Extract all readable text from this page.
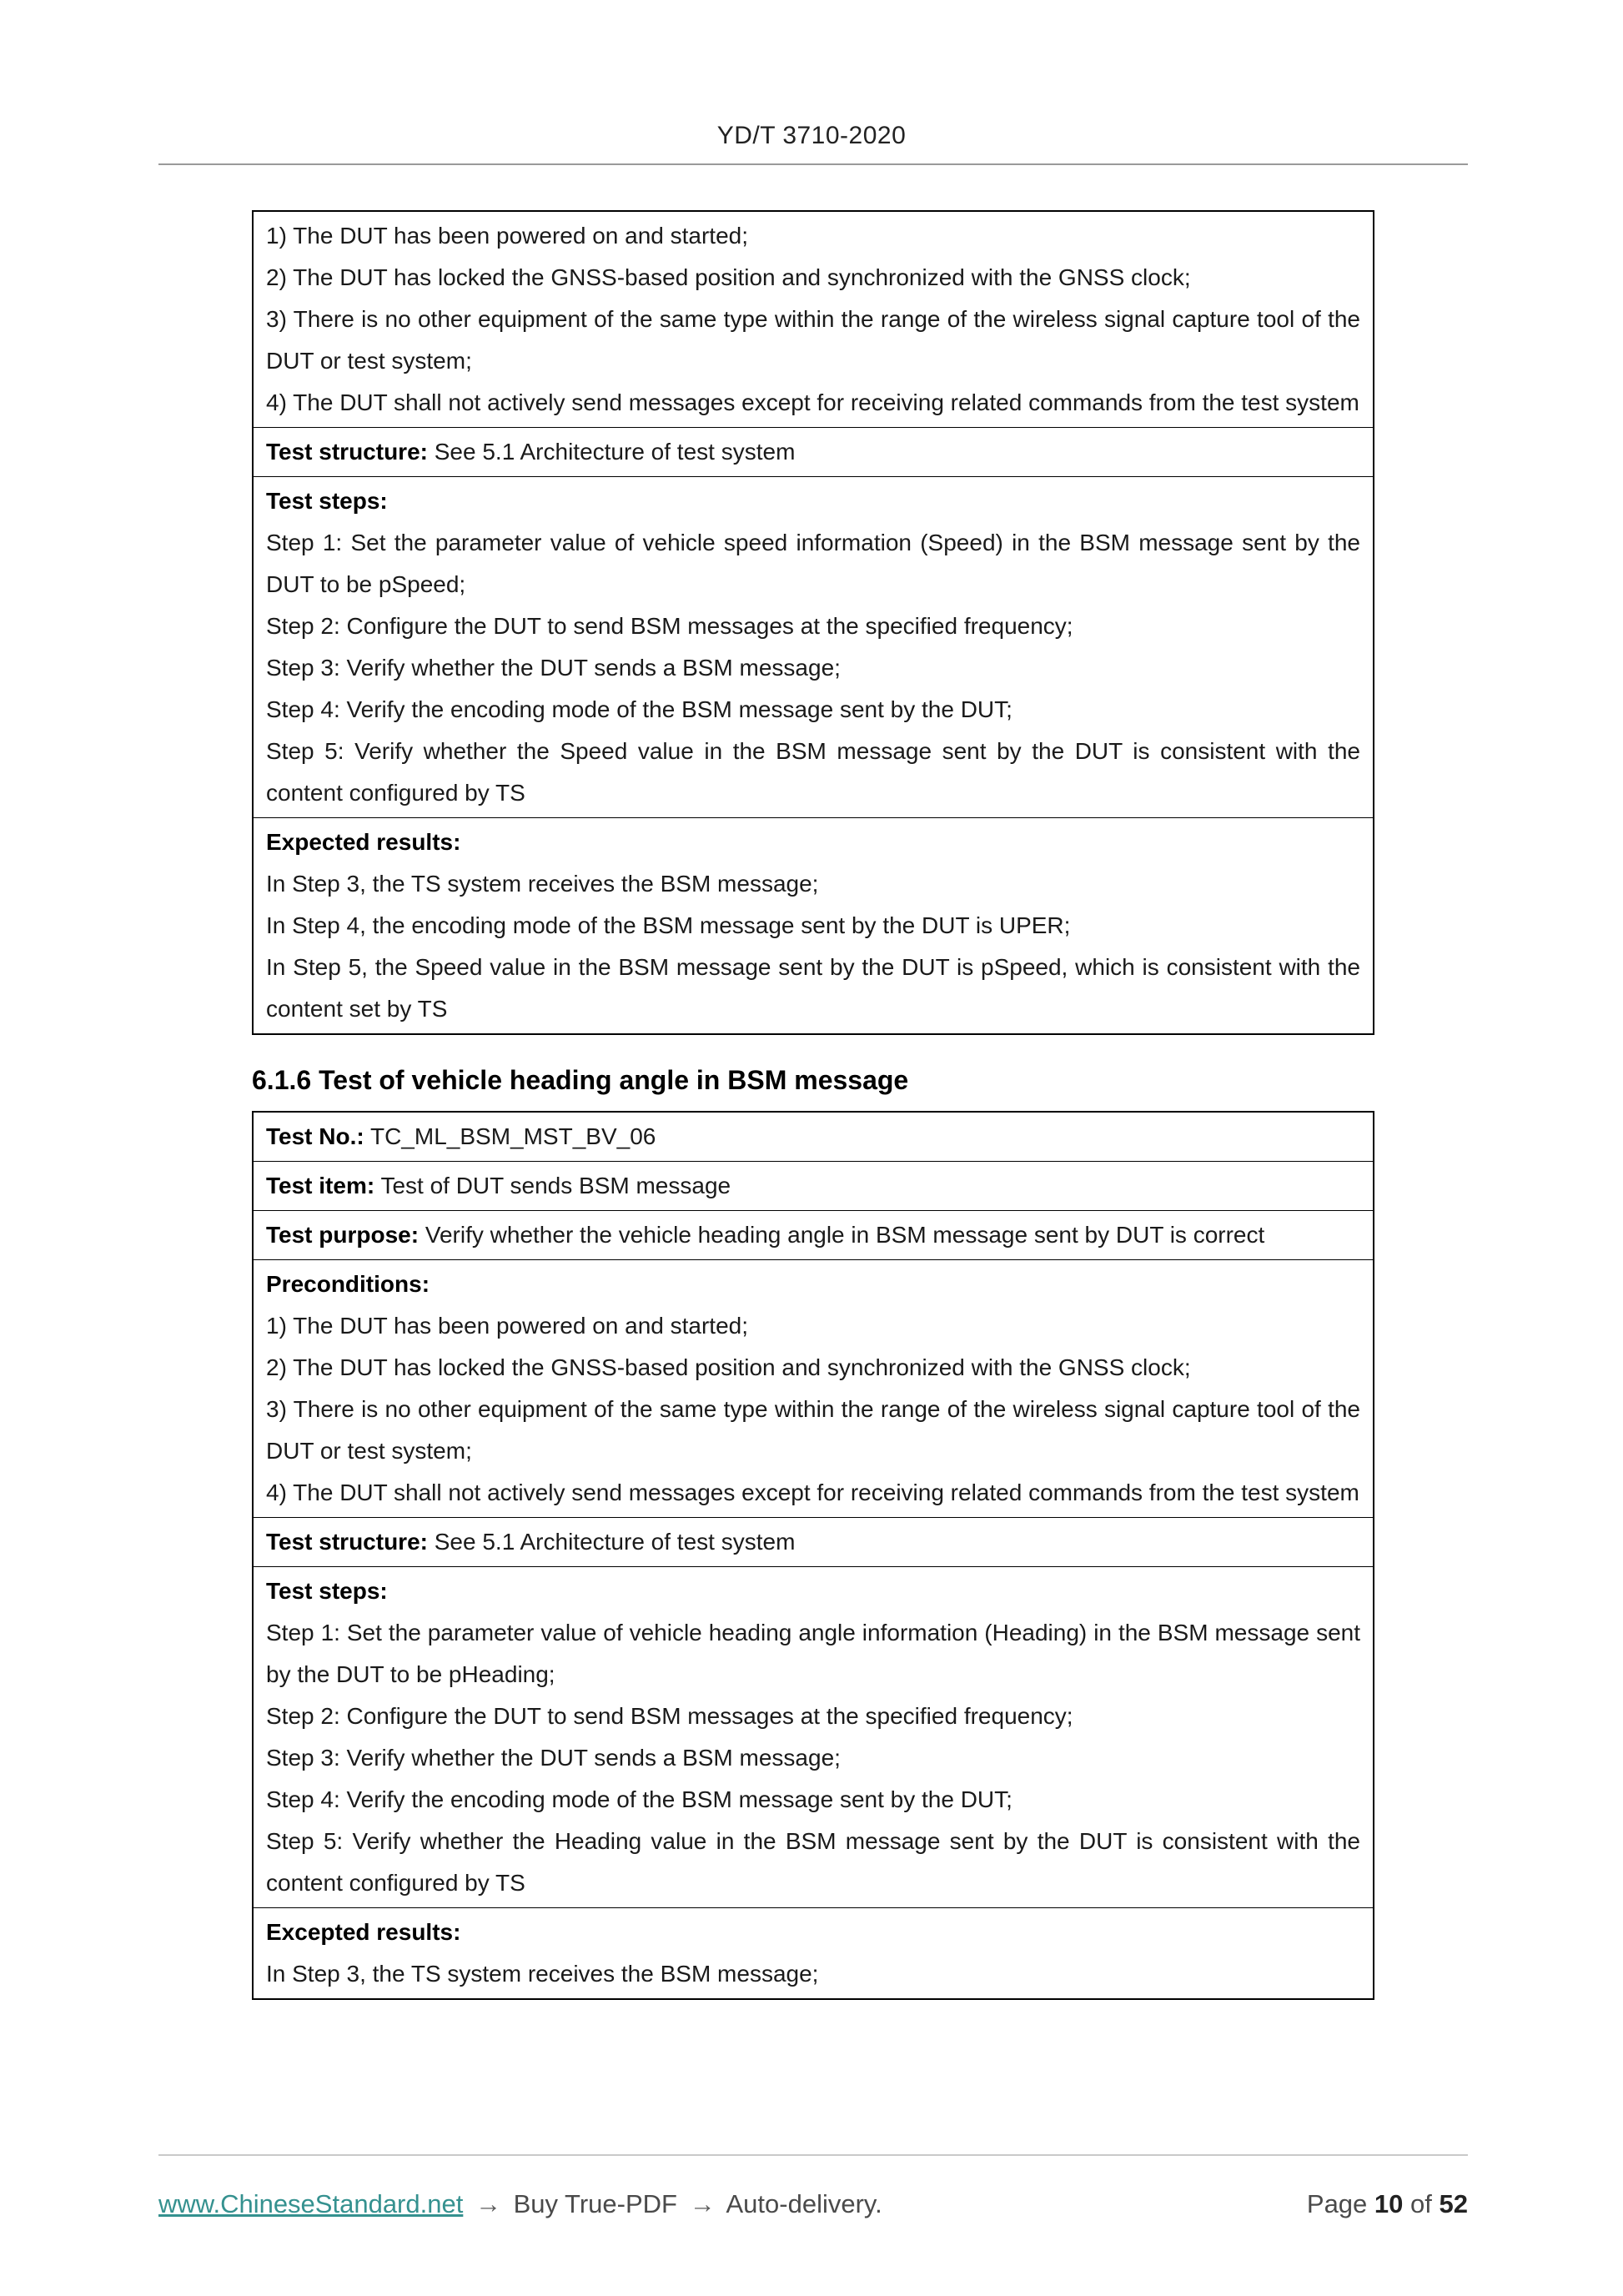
YD/T 3710-2020

1) The DUT has been powered on and started;

2) The DUT has locked the GNSS-based position and synchronized with the GNSS clock;

3) There is no other equipment of the same type within the range of the wireless signal capture tool of the DUT or test system;

4) The DUT shall not actively send messages except for receiving related commands from the test system

Test structure: See 5.1 Architecture of test system

Test steps:

Step 1: Set the parameter value of vehicle speed information (Speed) in the BSM message sent by the DUT to be pSpeed;

Step 2: Configure the DUT to send BSM messages at the specified frequency;

Step 3: Verify whether the DUT sends a BSM message;

Step 4: Verify the encoding mode of the BSM message sent by the DUT;

Step 5: Verify whether the Speed value in the BSM message sent by the DUT is consistent with the content configured by TS

Expected results:

In Step 3, the TS system receives the BSM message;

In Step 4, the encoding mode of the BSM message sent by the DUT is UPER;

In Step 5, the Speed value in the BSM message sent by the DUT is pSpeed, which is consistent with the content set by TS

6.1.6 Test of vehicle heading angle in BSM message

Test No.: TC_ML_BSM_MST_BV_06

Test item: Test of DUT sends BSM message

Test purpose: Verify whether the vehicle heading angle in BSM message sent by DUT is correct

Preconditions:

1) The DUT has been powered on and started;

2) The DUT has locked the GNSS-based position and synchronized with the GNSS clock;

3) There is no other equipment of the same type within the range of the wireless signal capture tool of the DUT or test system;

4) The DUT shall not actively send messages except for receiving related commands from the test system

Test structure: See 5.1 Architecture of test system

Test steps:

Step 1: Set the parameter value of vehicle heading angle information (Heading) in the BSM message sent by the DUT to be pHeading;

Step 2: Configure the DUT to send BSM messages at the specified frequency;

Step 3: Verify whether the DUT sends a BSM message;

Step 4: Verify the encoding mode of the BSM message sent by the DUT;

Step 5: Verify whether the Heading value in the BSM message sent by the DUT is consistent with the content configured by TS

Excepted results:

In Step 3, the TS system receives the BSM message;

www.ChineseStandard.net → Buy True-PDF → Auto-delivery.	Page 10 of 52
